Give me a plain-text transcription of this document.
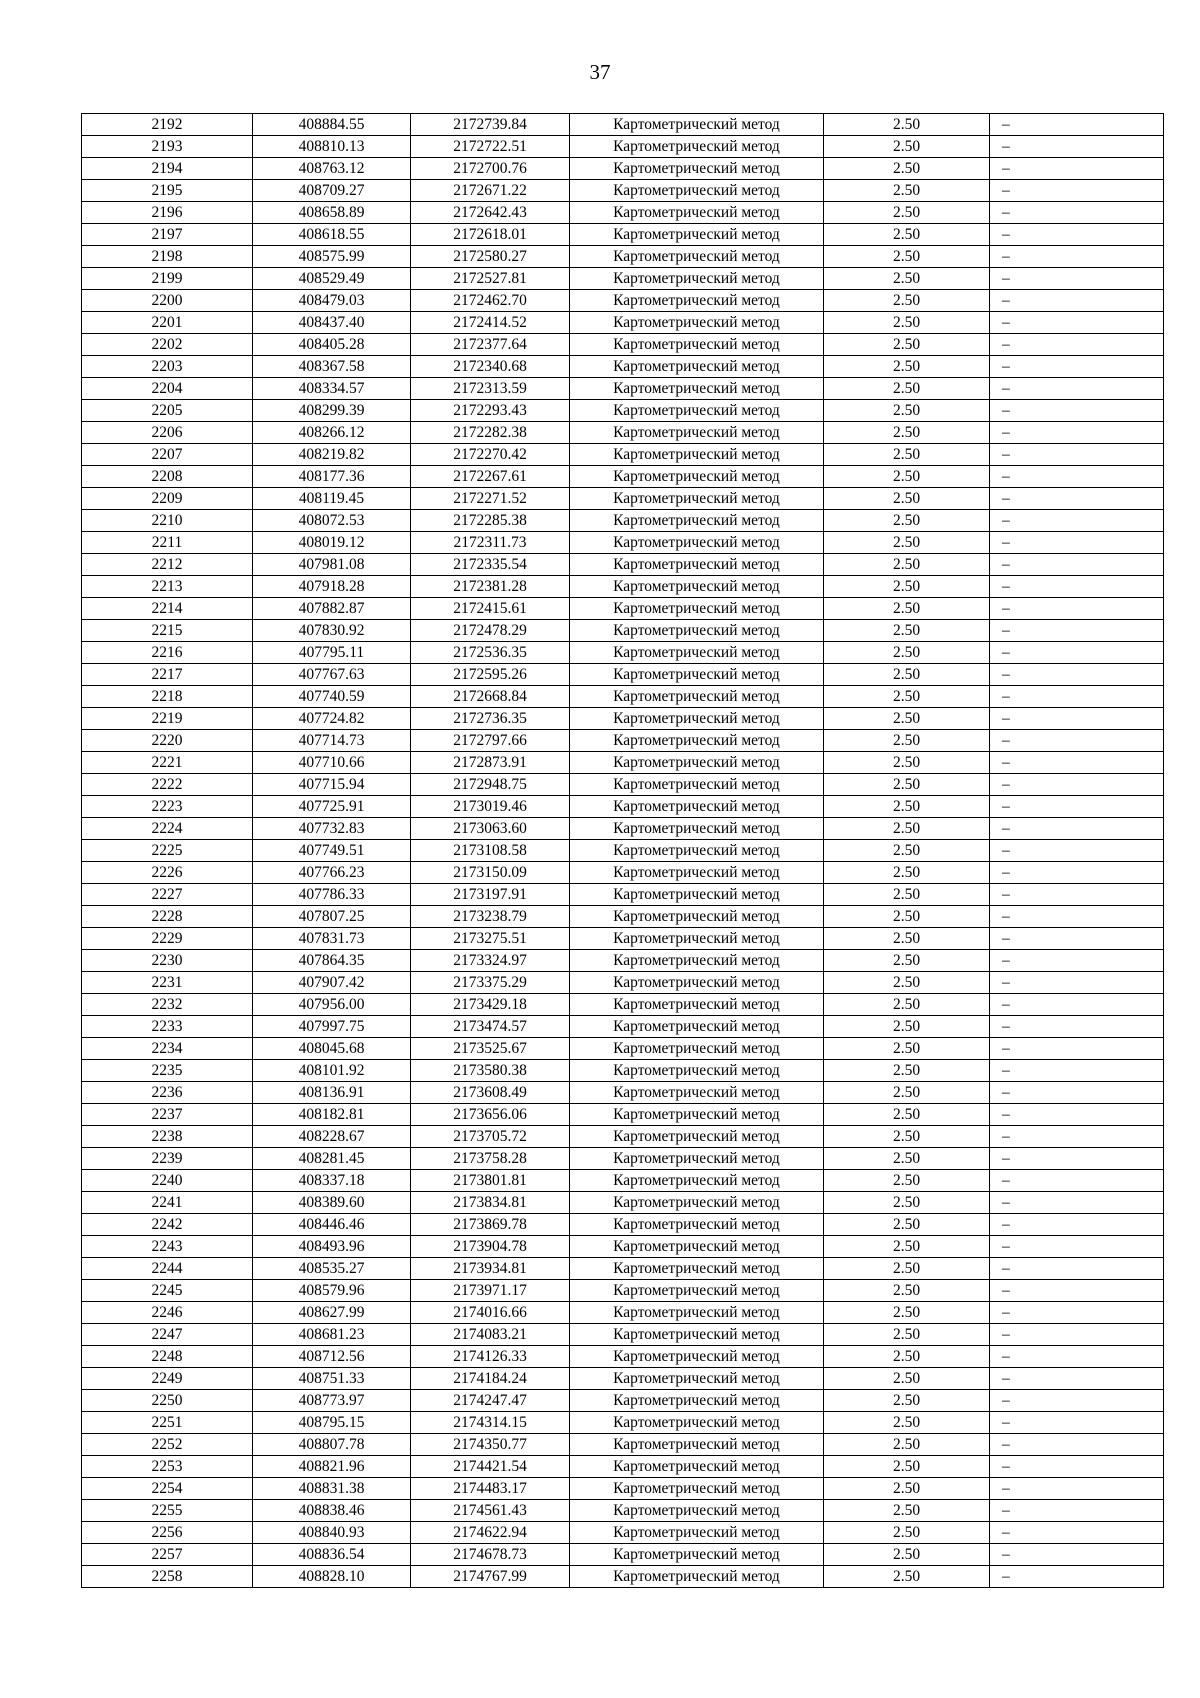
37
2192	408884.55	2172739.84	Картометрический метод	2.50	–
2193	408810.13	2172722.51	Картометрический метод	2.50	–
2194	408763.12	2172700.76	Картометрический метод	2.50	–
2195	408709.27	2172671.22	Картометрический метод	2.50	–
2196	408658.89	2172642.43	Картометрический метод	2.50	–
2197	408618.55	2172618.01	Картометрический метод	2.50	–
2198	408575.99	2172580.27	Картометрический метод	2.50	–
2199	408529.49	2172527.81	Картометрический метод	2.50	–
2200	408479.03	2172462.70	Картометрический метод	2.50	–
2201	408437.40	2172414.52	Картометрический метод	2.50	–
2202	408405.28	2172377.64	Картометрический метод	2.50	–
2203	408367.58	2172340.68	Картометрический метод	2.50	–
2204	408334.57	2172313.59	Картометрический метод	2.50	–
2205	408299.39	2172293.43	Картометрический метод	2.50	–
2206	408266.12	2172282.38	Картометрический метод	2.50	–
2207	408219.82	2172270.42	Картометрический метод	2.50	–
2208	408177.36	2172267.61	Картометрический метод	2.50	–
2209	408119.45	2172271.52	Картометрический метод	2.50	–
2210	408072.53	2172285.38	Картометрический метод	2.50	–
2211	408019.12	2172311.73	Картометрический метод	2.50	–
2212	407981.08	2172335.54	Картометрический метод	2.50	–
2213	407918.28	2172381.28	Картометрический метод	2.50	–
2214	407882.87	2172415.61	Картометрический метод	2.50	–
2215	407830.92	2172478.29	Картометрический метод	2.50	–
2216	407795.11	2172536.35	Картометрический метод	2.50	–
2217	407767.63	2172595.26	Картометрический метод	2.50	–
2218	407740.59	2172668.84	Картометрический метод	2.50	–
2219	407724.82	2172736.35	Картометрический метод	2.50	–
2220	407714.73	2172797.66	Картометрический метод	2.50	–
2221	407710.66	2172873.91	Картометрический метод	2.50	–
2222	407715.94	2172948.75	Картометрический метод	2.50	–
2223	407725.91	2173019.46	Картометрический метод	2.50	–
2224	407732.83	2173063.60	Картометрический метод	2.50	–
2225	407749.51	2173108.58	Картометрический метод	2.50	–
2226	407766.23	2173150.09	Картометрический метод	2.50	–
2227	407786.33	2173197.91	Картометрический метод	2.50	–
2228	407807.25	2173238.79	Картометрический метод	2.50	–
2229	407831.73	2173275.51	Картометрический метод	2.50	–
2230	407864.35	2173324.97	Картометрический метод	2.50	–
2231	407907.42	2173375.29	Картометрический метод	2.50	–
2232	407956.00	2173429.18	Картометрический метод	2.50	–
2233	407997.75	2173474.57	Картометрический метод	2.50	–
2234	408045.68	2173525.67	Картометрический метод	2.50	–
2235	408101.92	2173580.38	Картометрический метод	2.50	–
2236	408136.91	2173608.49	Картометрический метод	2.50	–
2237	408182.81	2173656.06	Картометрический метод	2.50	–
2238	408228.67	2173705.72	Картометрический метод	2.50	–
2239	408281.45	2173758.28	Картометрический метод	2.50	–
2240	408337.18	2173801.81	Картометрический метод	2.50	–
2241	408389.60	2173834.81	Картометрический метод	2.50	–
2242	408446.46	2173869.78	Картометрический метод	2.50	–
2243	408493.96	2173904.78	Картометрический метод	2.50	–
2244	408535.27	2173934.81	Картометрический метод	2.50	–
2245	408579.96	2173971.17	Картометрический метод	2.50	–
2246	408627.99	2174016.66	Картометрический метод	2.50	–
2247	408681.23	2174083.21	Картометрический метод	2.50	–
2248	408712.56	2174126.33	Картометрический метод	2.50	–
2249	408751.33	2174184.24	Картометрический метод	2.50	–
2250	408773.97	2174247.47	Картометрический метод	2.50	–
2251	408795.15	2174314.15	Картометрический метод	2.50	–
2252	408807.78	2174350.77	Картометрический метод	2.50	–
2253	408821.96	2174421.54	Картометрический метод	2.50	–
2254	408831.38	2174483.17	Картометрический метод	2.50	–
2255	408838.46	2174561.43	Картометрический метод	2.50	–
2256	408840.93	2174622.94	Картометрический метод	2.50	–
2257	408836.54	2174678.73	Картометрический метод	2.50	–
2258	408828.10	2174767.99	Картометрический метод	2.50	–
